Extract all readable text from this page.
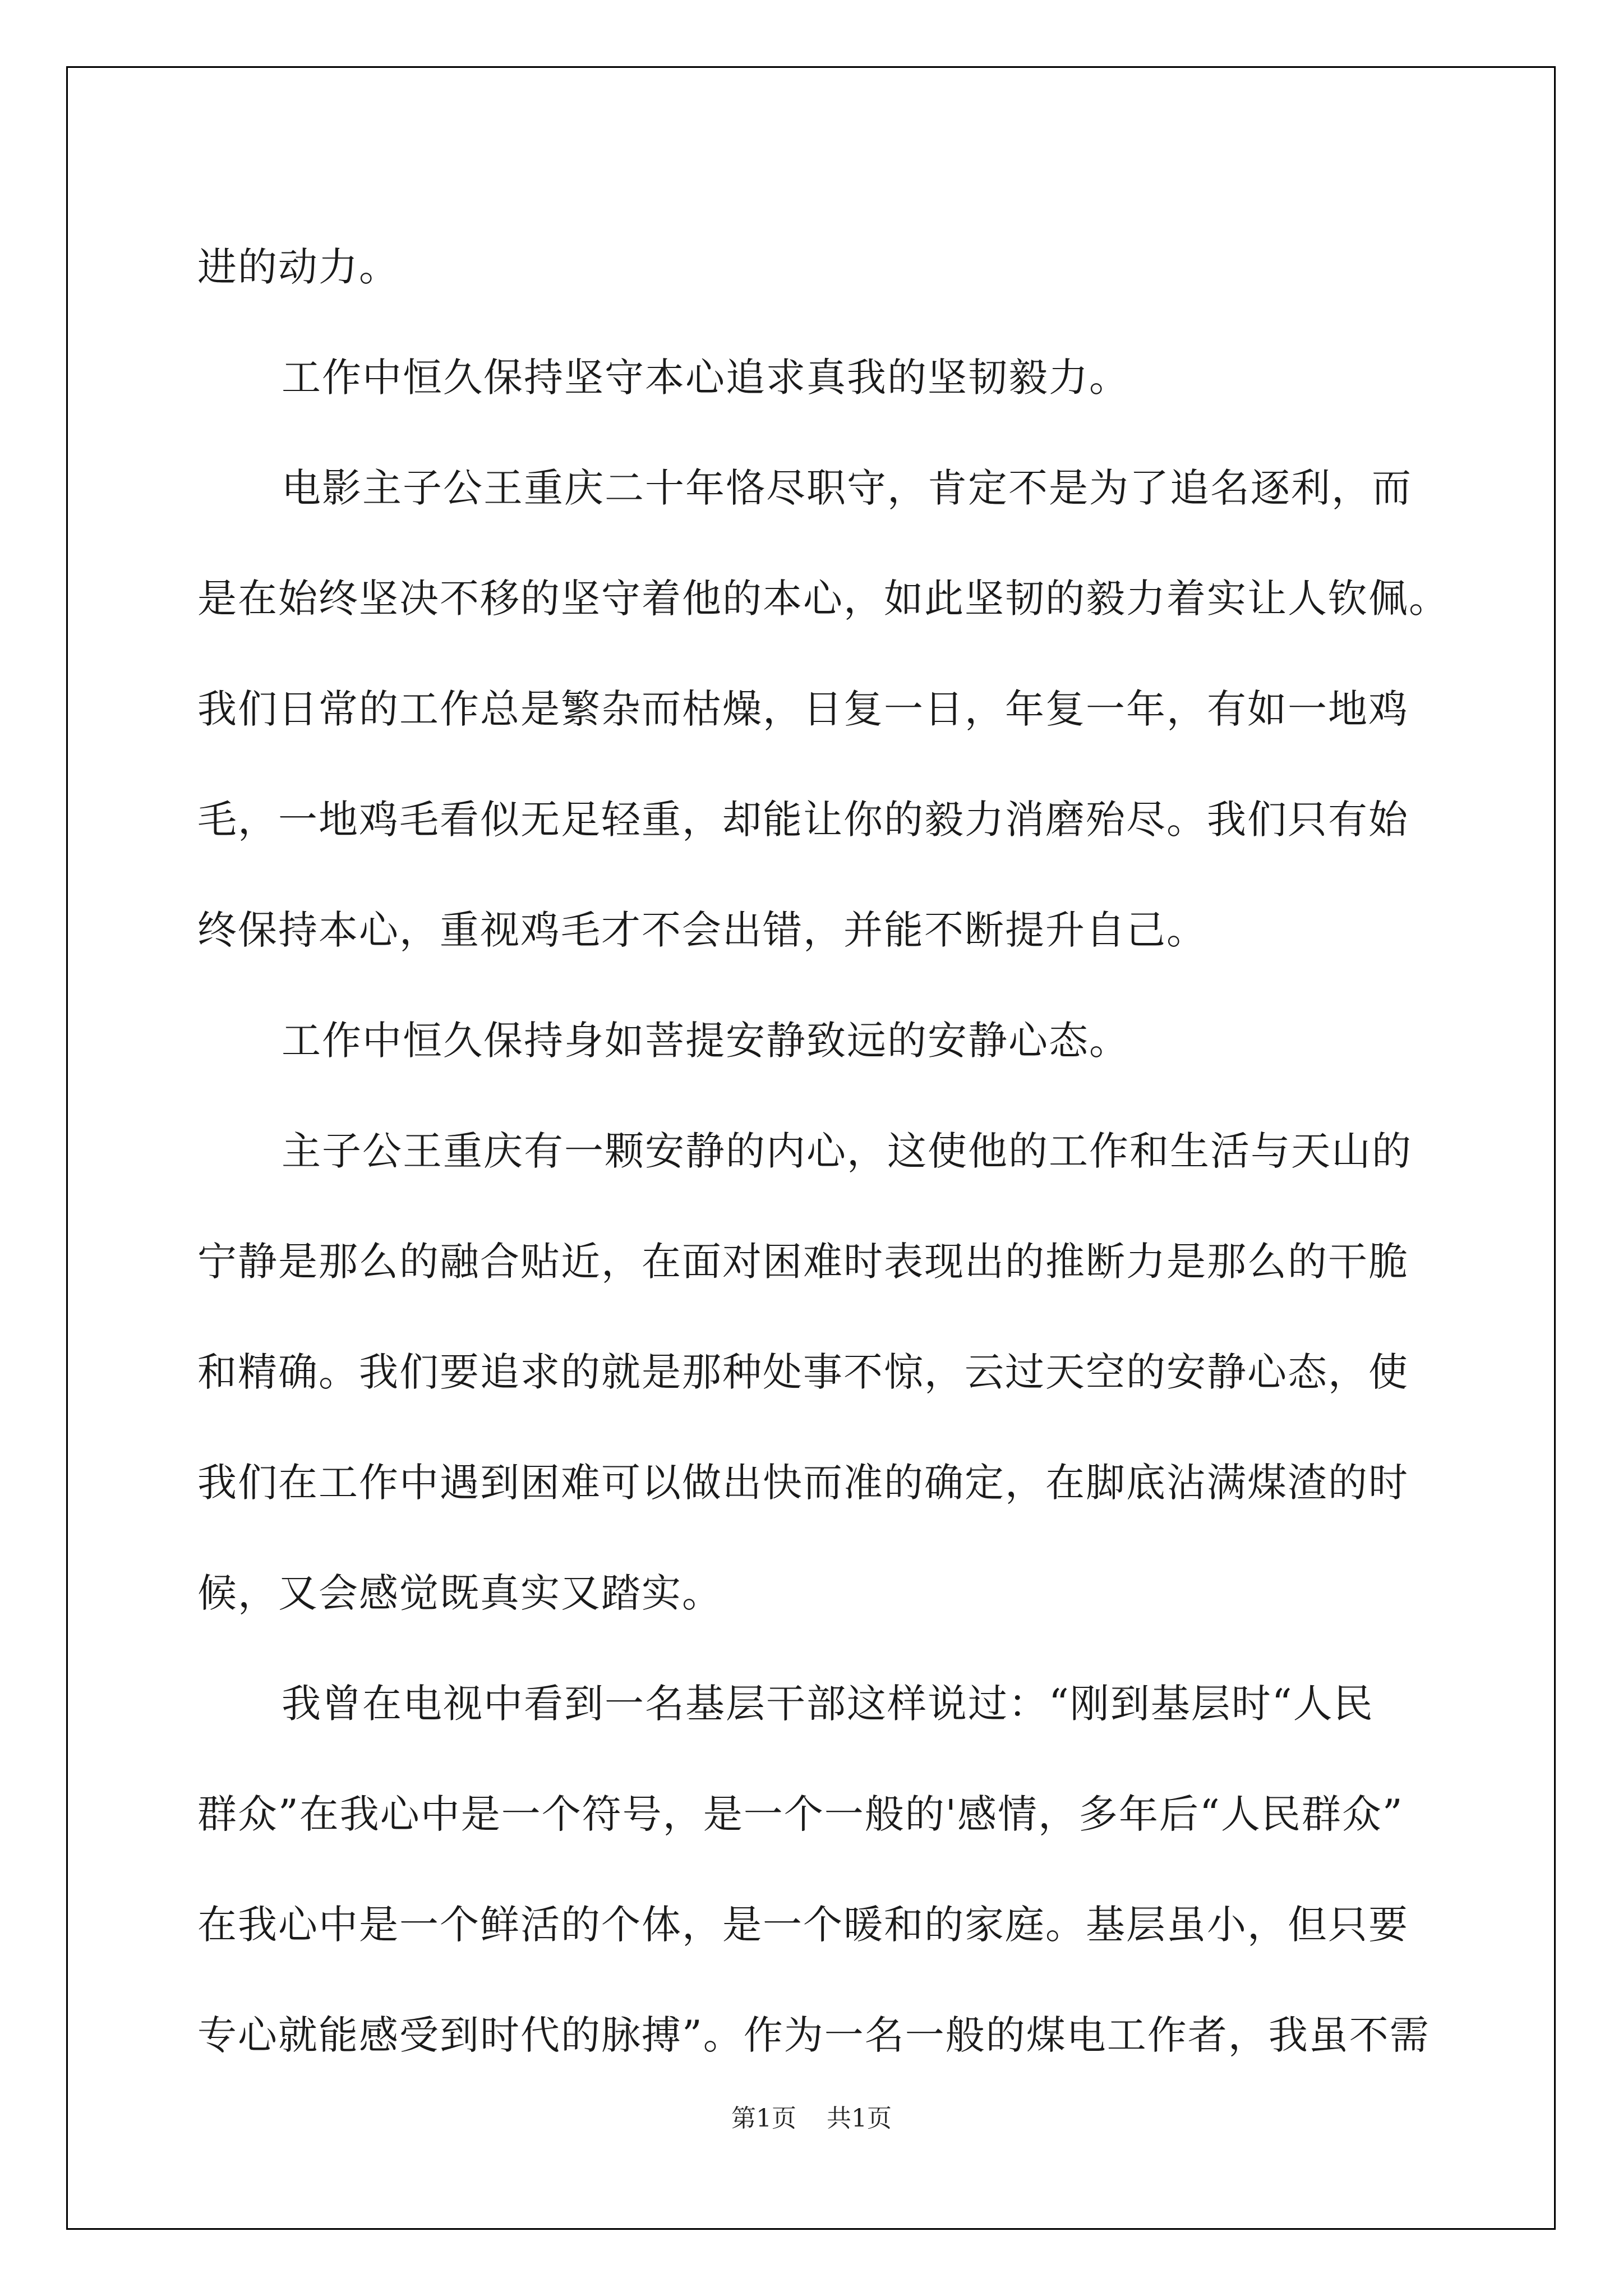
进的动力。
工作中恒久保持坚守本心追求真我的坚韧毅力。
电影主子公王重庆二十年恪尽职守，肯定不是为了追名逐利，而
是在始终坚决不移的坚守着他的本心，如此坚韧的毅力着实让人钦佩。
我们日常的工作总是繁杂而枯燥，日复一日，年复一年，有如一地鸡
毛，一地鸡毛看似无足轻重，却能让你的毅力消磨殆尽。我们只有始
终保持本心，重视鸡毛才不会出错，并能不断提升自己。
工作中恒久保持身如菩提安静致远的安静心态。
主子公王重庆有一颗安静的内心，这使他的工作和生活与天山的
宁静是那么的融合贴近，在面对困难时表现出的推断力是那么的干脆
和精确。我们要追求的就是那种处事不惊，云过天空的安静心态，使
我们在工作中遇到困难可以做出快而准的确定，在脚底沾满煤渣的时
候，又会感觉既真实又踏实。
我曾在电视中看到一名基层干部这样说过：“刚到基层时“人民
群众”在我心中是一个符号，是一个一般的'感情，多年后“人民群众”
在我心中是一个鲜活的个体，是一个暖和的家庭。基层虽小，但只要
专心就能感受到时代的脉搏”。作为一名一般的煤电工作者，我虽不需
第1页 共1页
